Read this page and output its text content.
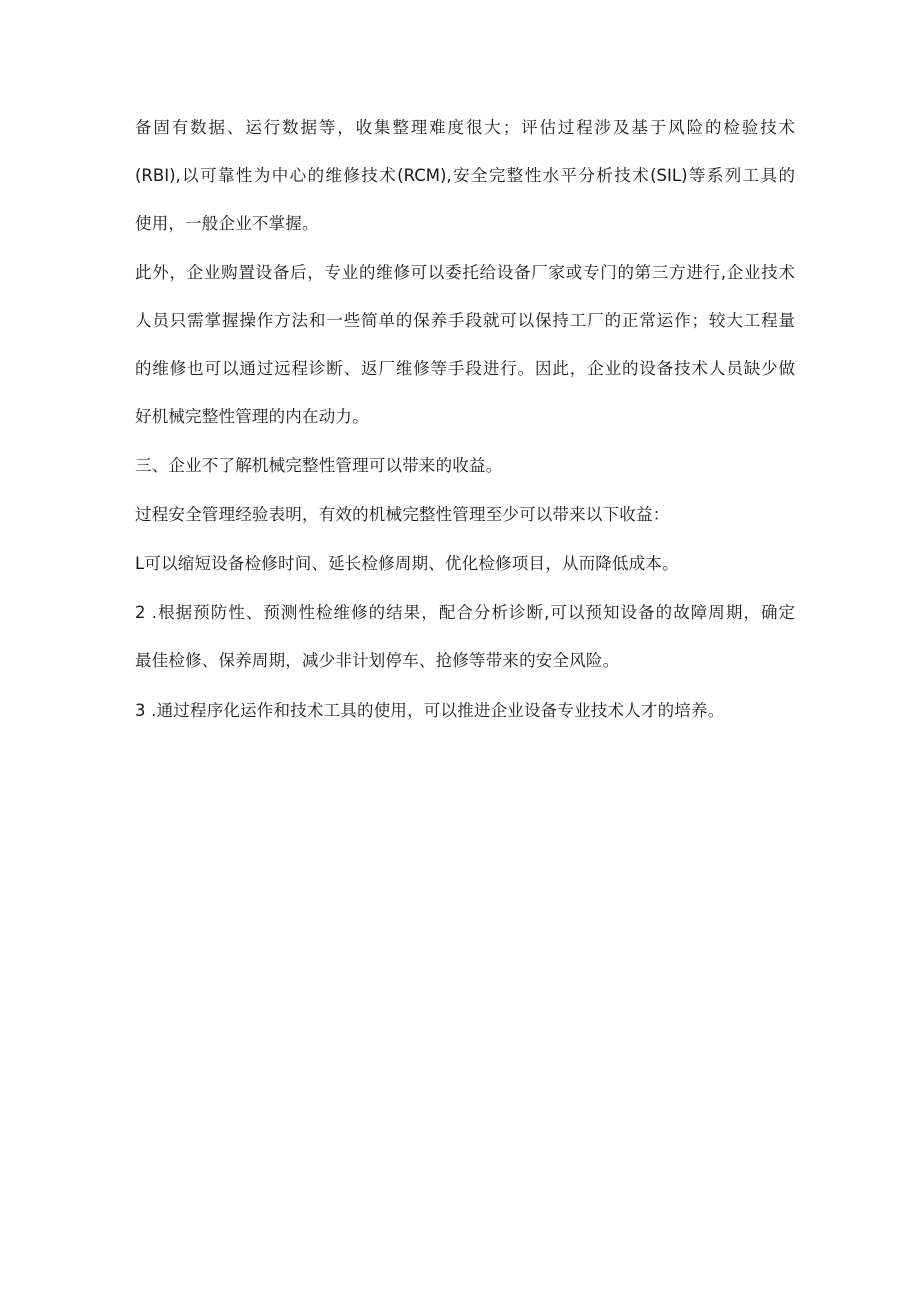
备固有数据、运行数据等，收集整理难度很大；评估过程涉及基于风险的检验技术
(RBI),以可靠性为中心的维修技术(RCM),安全完整性水平分析技术(SIL)等系列工具的
使用，一般企业不掌握。
此外，企业购置设备后，专业的维修可以委托给设备厂家或专门的第三方进行,企业技术
人员只需掌握操作方法和一些简单的保养手段就可以保持工厂的正常运作；较大工程量
的维修也可以通过远程诊断、返厂维修等手段进行。因此，企业的设备技术人员缺少做
好机械完整性管理的内在动力。
三、企业不了解机械完整性管理可以带来的收益。
过程安全管理经验表明，有效的机械完整性管理至少可以带来以下收益：
L可以缩短设备检修时间、延长检修周期、优化检修项目，从而降低成本。
2 .根据预防性、预测性检维修的结果，配合分析诊断,可以预知设备的故障周期，确定
最佳检修、保养周期，减少非计划停车、抢修等带来的安全风险。
3 .通过程序化运作和技术工具的使用，可以推进企业设备专业技术人才的培养。
